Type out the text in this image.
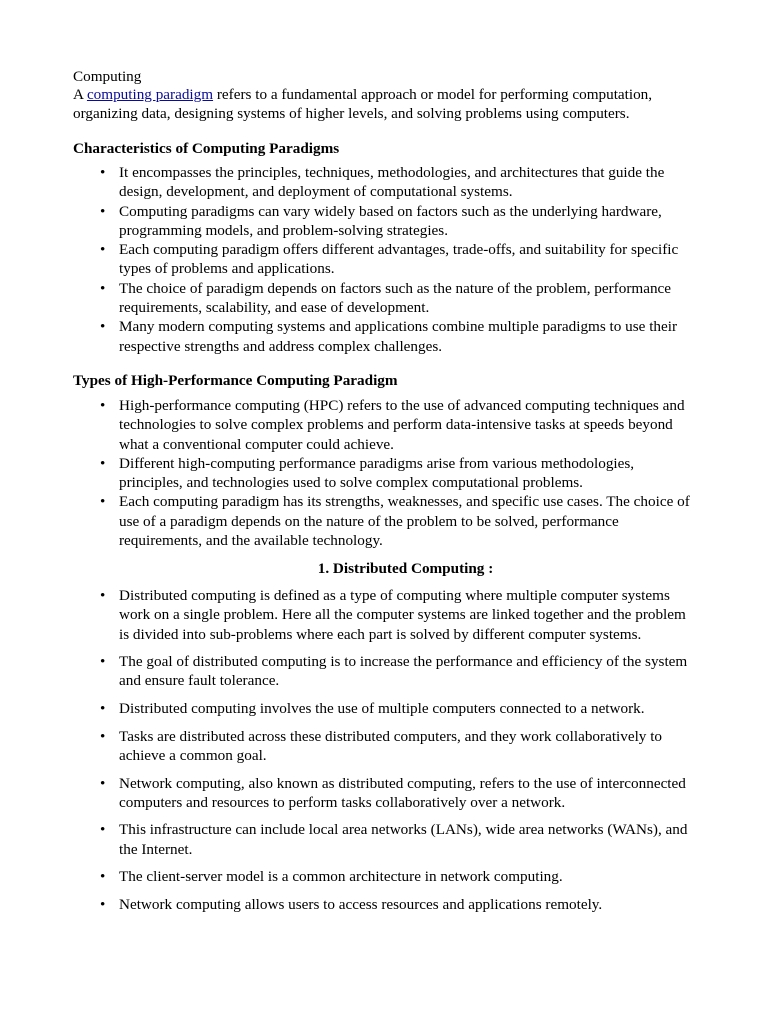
Computing

A computing paradigm refers to a fundamental approach or model for performing computation, organizing data, designing systems of higher levels, and solving problems using computers.

Characteristics of Computing Paradigms
• It encompasses the principles, techniques, methodologies, and architectures that guide the design, development, and deployment of computational systems.
• Computing paradigms can vary widely based on factors such as the underlying hardware, programming models, and problem-solving strategies.
• Each computing paradigm offers different advantages, trade-offs, and suitability for specific types of problems and applications.
• The choice of paradigm depends on factors such as the nature of the problem, performance requirements, scalability, and ease of development.
• Many modern computing systems and applications combine multiple paradigms to use their respective strengths and address complex challenges.
Types of High-Performance Computing Paradigm
• High-performance computing (HPC) refers to the use of advanced computing techniques and technologies to solve complex problems and perform data-intensive tasks at speeds beyond what a conventional computer could achieve.
• Different high-computing performance paradigms arise from various methodologies, principles, and technologies used to solve complex computational problems.
• Each computing paradigm has its strengths, weaknesses, and specific use cases. The choice of use of a paradigm depends on the nature of the problem to be solved, performance requirements, and the available technology.
1. Distributed Computing :
• Distributed computing is defined as a type of computing where multiple computer systems work on a single problem. Here all the computer systems are linked together and the problem is divided into sub-problems where each part is solved by different computer systems.
• The goal of distributed computing is to increase the performance and efficiency of the system and ensure fault tolerance.
• Distributed computing involves the use of multiple computers connected to a network.
• Tasks are distributed across these distributed computers, and they work collaboratively to achieve a common goal.
• Network computing, also known as distributed computing, refers to the use of interconnected computers and resources to perform tasks collaboratively over a network.
• This infrastructure can include local area networks (LANs), wide area networks (WANs), and the Internet.
• The client-server model is a common architecture in network computing.
• Network computing allows users to access resources and applications remotely.
